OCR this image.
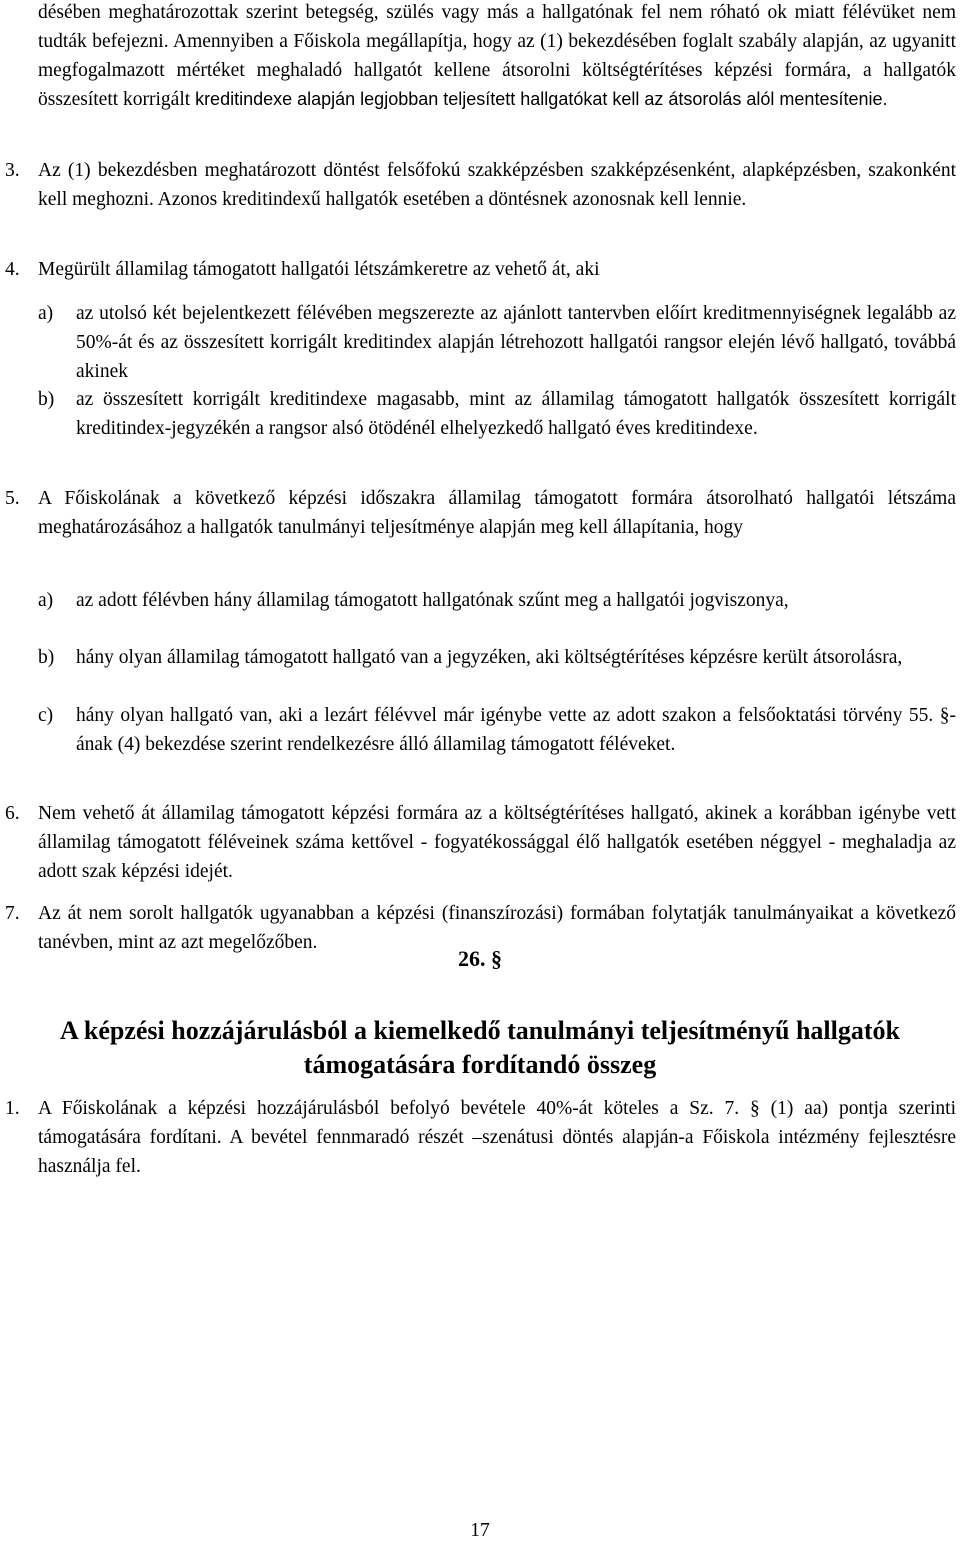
désében meghatározottak szerint betegség, szülés vagy más a hallgatónak fel nem róható ok miatt félévüket nem tudták befejezni. Amennyiben a Főiskola megállapítja, hogy az (1) bekezdésében foglalt szabály alapján, az ugyanitt megfogalmazott mértéket meghaladó hallgatót kellene átsorolni költségtérítéses képzési formára, a hallgatók összesített korrigált kreditindexe alapján legjobban teljesített hallgatókat kell az átsorolás alól mentesítenie.

3. Az (1) bekezdésben meghatározott döntést felsőfokú szakképzésben szakképzésenként, alapképzésben, szakonként kell meghozni. Azonos kreditindexű hallgatók esetében a döntésnek azonosnak kell lennie.

4. Megürült államilag támogatott hallgatói létszámkeretre az vehető át, aki

a) az utolsó két bejelentkezett félévében megszerezte az ajánlott tantervben előírt kreditmennyiségnek legalább az 50%-át és az összesített korrigált kreditindex alapján létrehozott hallgatói rangsor elején lévő hallgató, továbbá akinek

b) az összesített korrigált kreditindexe magasabb, mint az államilag támogatott hallgatók összesített korrigált kreditindex-jegyzékén a rangsor alsó ötödénél elhelyezkedő hallgató éves kreditindexe.

5. A Főiskolának a következő képzési időszakra államilag támogatott formára átsorolható hallgatói létszáma meghatározásához a hallgatók tanulmányi teljesítménye alapján meg kell állapítania, hogy

a) az adott félévben hány államilag támogatott hallgatónak szűnt meg a hallgatói jogviszonya,

b) hány olyan államilag támogatott hallgató van a jegyzéken, aki költségtérítéses képzésre került átsorolásra,

c) hány olyan hallgató van, aki a lezárt félévvel már igénybe vette az adott szakon a felsőoktatási törvény 55. §-ának (4) bekezdése szerint rendelkezésre álló államilag támogatott féléveket.

6. Nem vehető át államilag támogatott képzési formára az a költségtérítéses hallgató, akinek a korábban igénybe vett államilag támogatott féléveinek száma kettővel - fogyatékossággal élő hallgatók esetében néggyel - meghaladja az adott szak képzési idejét.

7. Az át nem sorolt hallgatók ugyanabban a képzési (finanszírozási) formában folytatják tanulmányaikat a következő tanévben, mint az azt megelőzőben.

26. §
A képzési hozzájárulásból a kiemelkedő tanulmányi teljesítményű hallgatók támogatására fordítandó összeg
1. A Főiskolának a képzési hozzájárulásból befolyó bevétele 40%-át köteles a Sz. 7. § (1) aa) pontja szerinti támogatására fordítani. A bevétel fennmaradó részét –szenátusi döntés alapján-a Főiskola intézmény fejlesztésre használja fel.

17
